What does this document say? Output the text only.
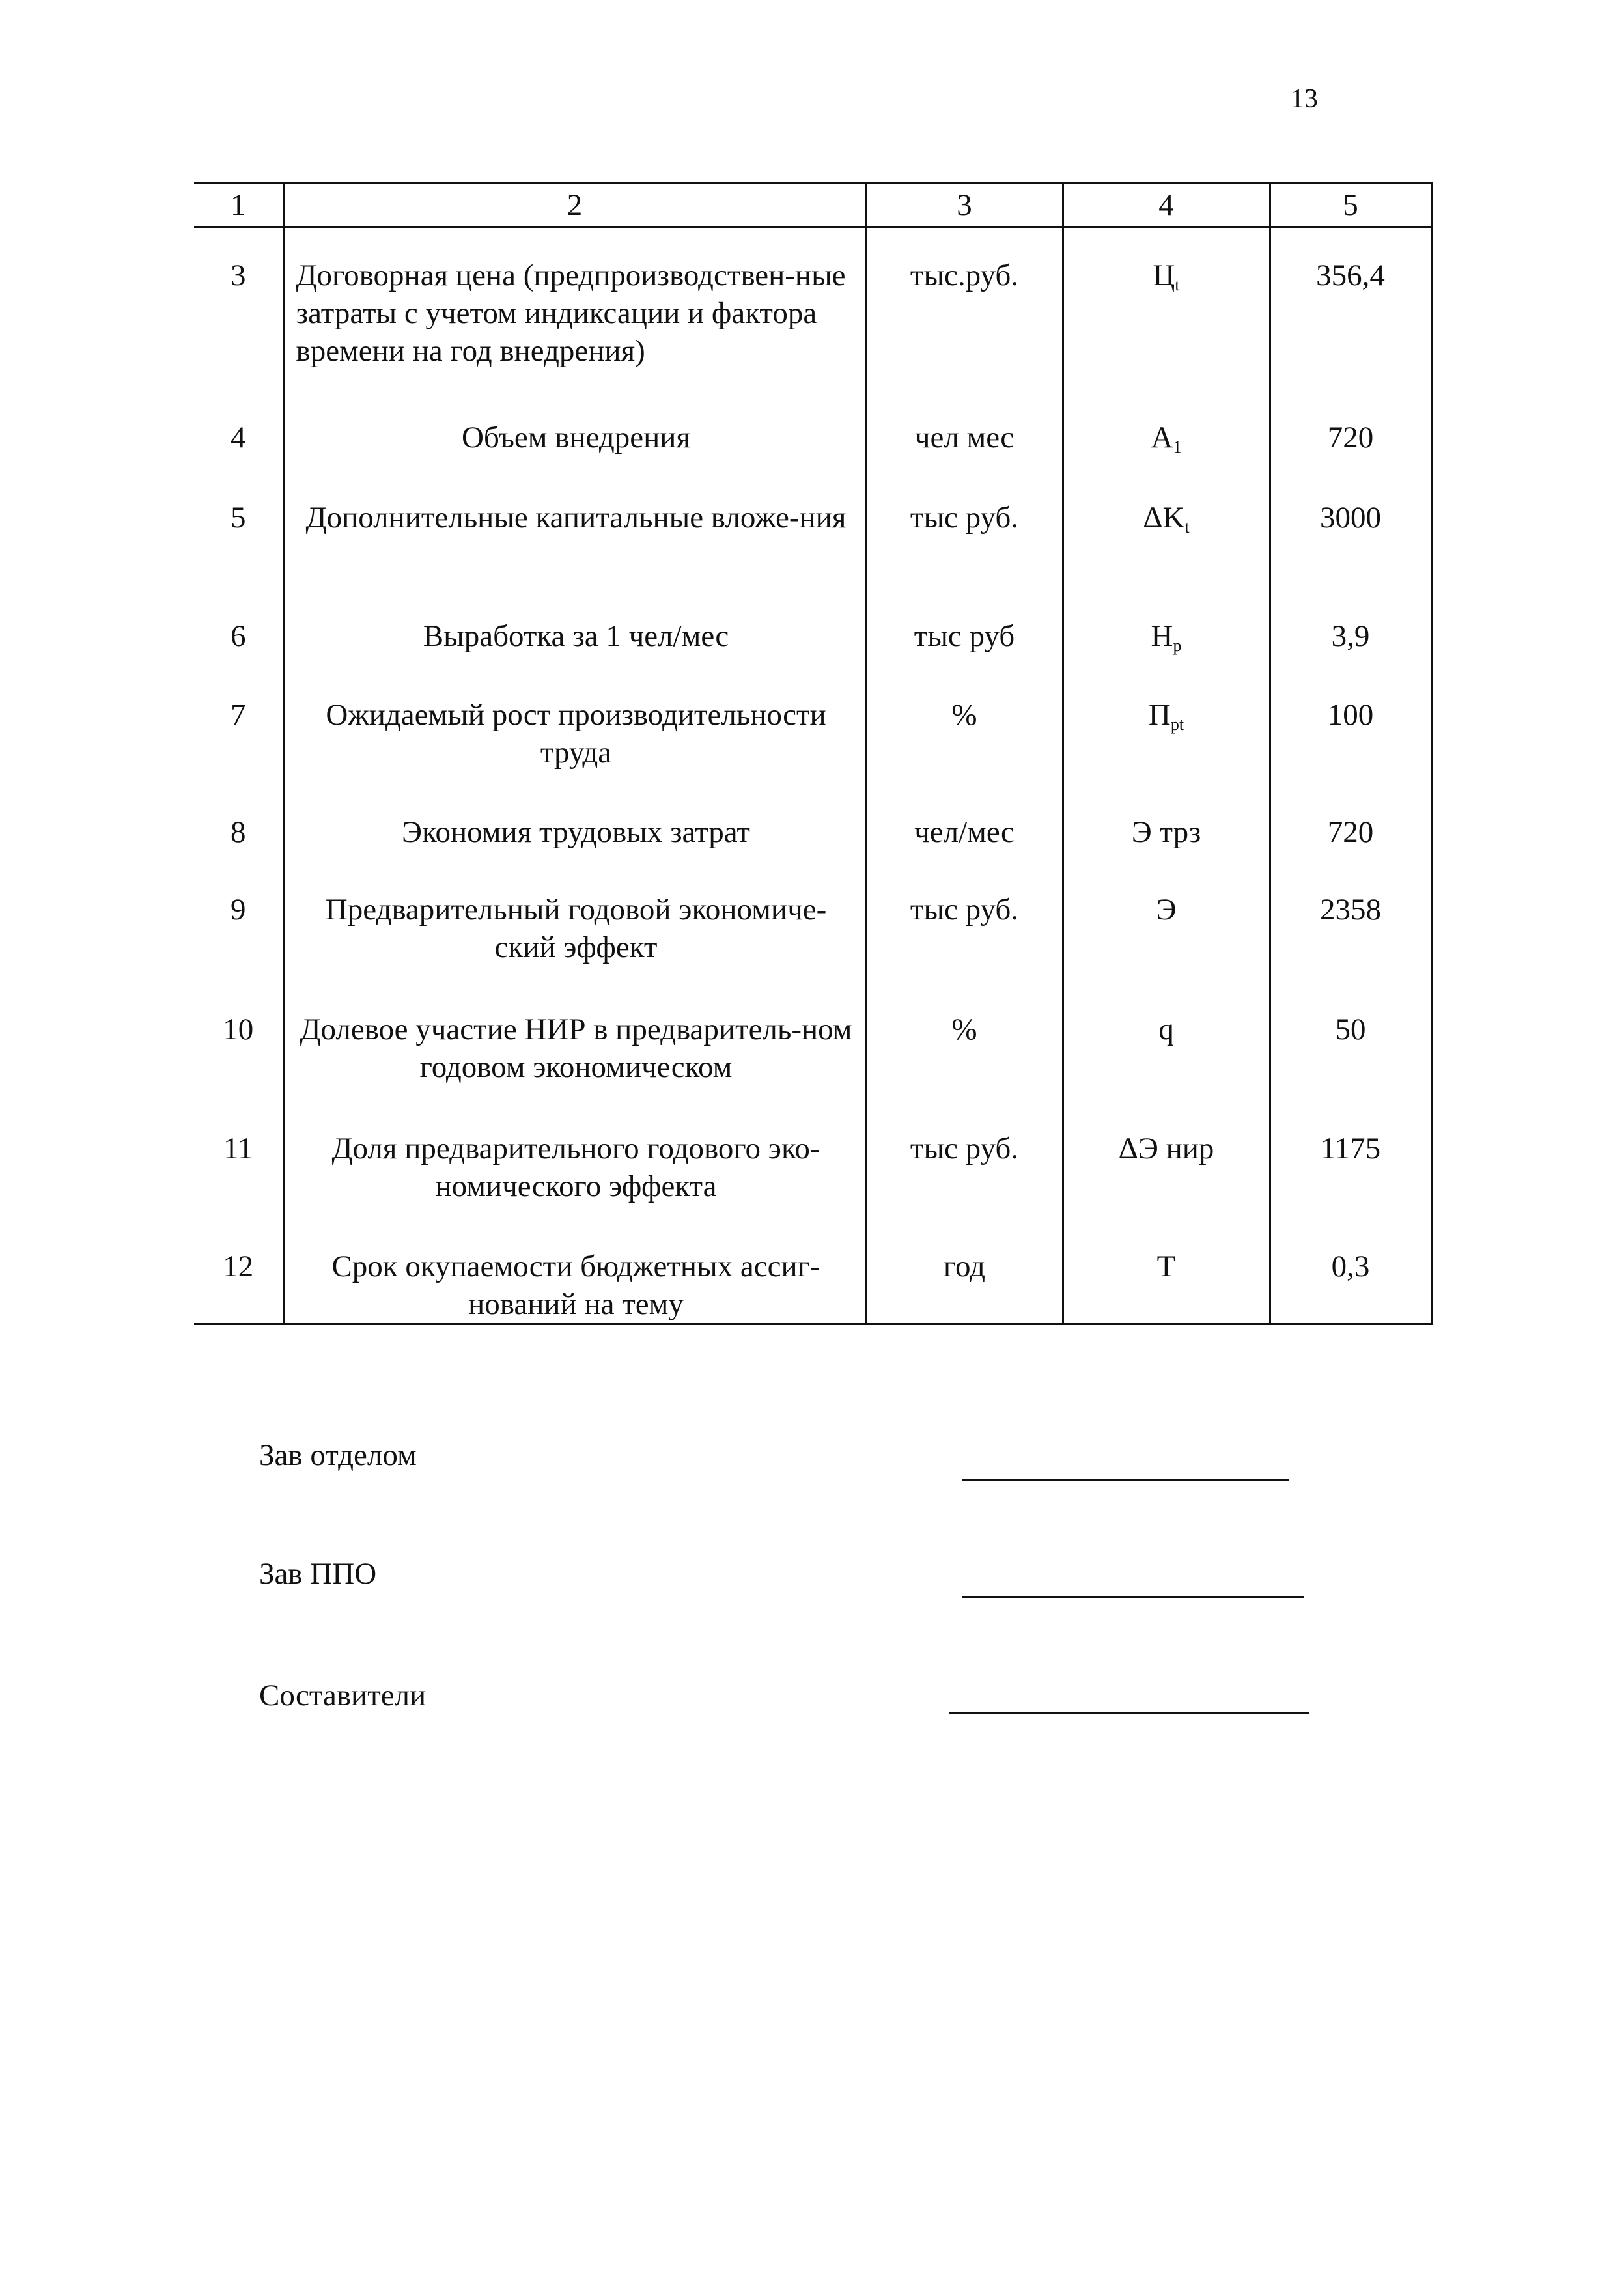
13
1	2	3	4	5
3	Договорная цена (предпроизводствен-ные затраты с учетом индиксации и фактора времени на год внедрения)	тыс.руб.	$Ц_t$	356,4
4	Объем внедрения	чел мес	$A_1$	720
5	Дополнительные капитальные вложе-ния	тыс руб.	$\Delta K_t$	3000
6	Выработка за 1 чел/мес	тыс руб	$H_p$	3,9
7	Ожидаемый рост производительности труда	%	$П_{pt}$	100
8	Экономия трудовых затрат	чел/мес	Э трз	720
9	Предварительный годовой экономиче-ский эффект	тыс руб.	Э	2358
10	Долевое участие НИР в предваритель-ном годовом экономическом	%	q	50
11	Доля предварительного годового эко-номического эффекта	тыс руб.	ΔЭ нир	1175
12	Срок окупаемости бюджетных ассиг-нований на тему	год	T	0,3
Зав отделом
Зав ППО
Составители
